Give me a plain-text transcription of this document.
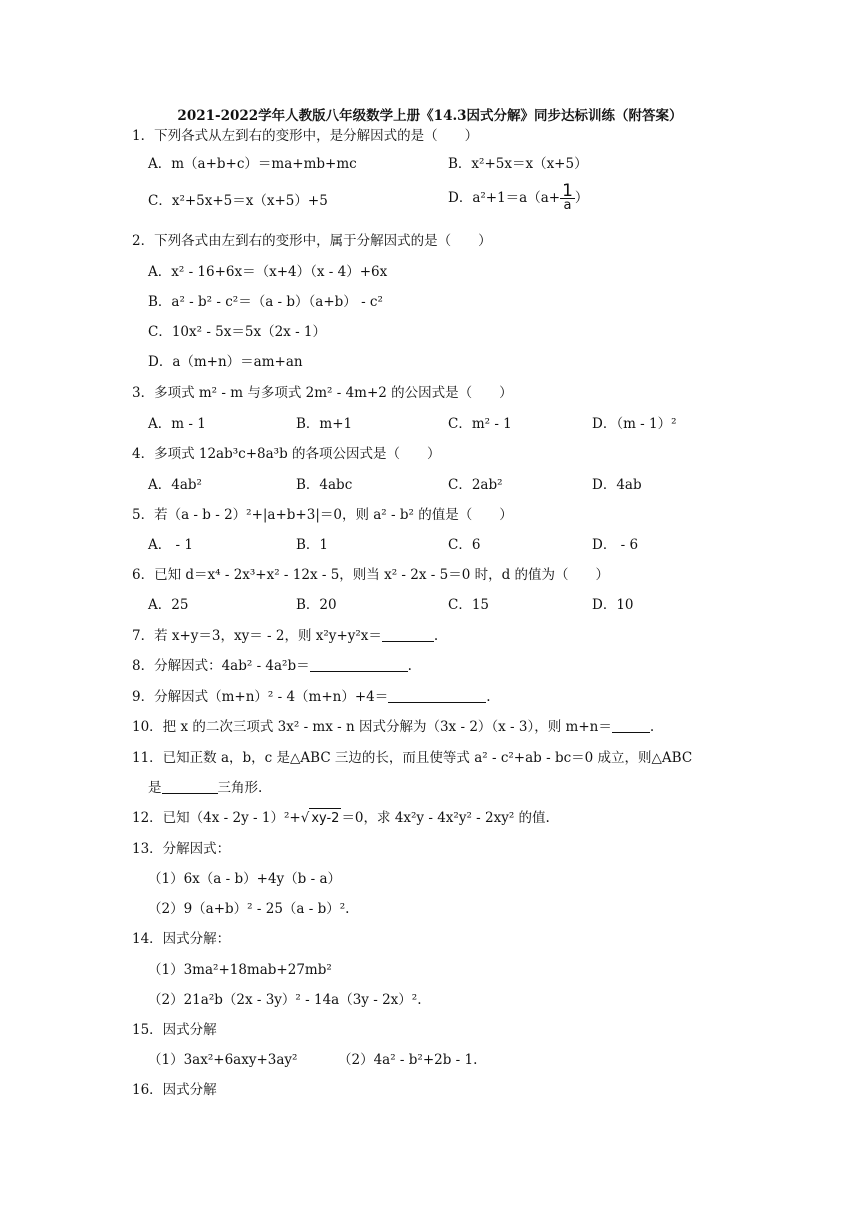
2021-2022学年人教版八年级数学上册《14.3因式分解》同步达标训练（附答案）
1．下列各式从左到右的变形中，是分解因式的是（　　）
A．m（a+b+c）＝ma+mb+mc	B．x²+5x＝x（x+5）
C．x²+5x+5＝x（x+5）+5	D．$a^2+1=a(a+ \frac{1}{a}$ ）
2．下列各式由左到右的变形中，属于分解因式的是（　　）
A．x² - 16+6x＝（x+4）（x - 4）+6x
B．a² - b² - c²＝（a - b）（a+b） - c²
C．10x² - 5x＝5x（2x - 1）
D．a（m+n）＝am+an
3．多项式 m² - m 与多项式 2m² - 4m+2 的公因式是（　　）
A．m - 1	B．m+1	C．m² - 1	D．（m - 1）²
4．多项式 12ab³c+8a³b 的各项公因式是（　　）
A．4ab²	B．4abc	C．2ab²	D．4ab
5．若（a - b - 2）²+|a+b+3|＝0，则 a² - b² 的值是（　　）
A． - 1	B．1	C．6	D． - 6
6．已知 d＝x⁴ - 2x³+x² - 12x - 5，则当 x² - 2x - 5＝0 时，d 的值为（　　）
A．25	B．20	C．15	D．10
7．若 x+y＝3，xy＝ - 2，则 x²y+y²x＝	.
8．分解因式：4ab² - 4a²b＝	.
9．分解因式（m+n）² - 4（m+n）+4＝	.
10．把 x 的二次三项式 3x² - mx - n 因式分解为（3x - 2）（x - 3），则 m+n＝	.
11．已知正数 a，b，c 是△ABC 三边的长，而且使等式 a² - c²+ab - bc＝0 成立，则△ABC
是	三角形.
12．已知（4x - 2y - 1）²+√ xy-2 ＝0，求 4x²y - 4x²y² - 2xy² 的值.
13．分解因式：
（1）6x（a - b）+4y（b - a）
（2）9（a+b）² - 25（a - b）².
14．因式分解：
（1）3ma²+18mab+27mb²
（2）21a²b（2x - 3y）² - 14a（3y - 2x）².
15．因式分解
（1）3ax²+6axy+3ay²	（2）4a² - b²+2b - 1.
16．因式分解
